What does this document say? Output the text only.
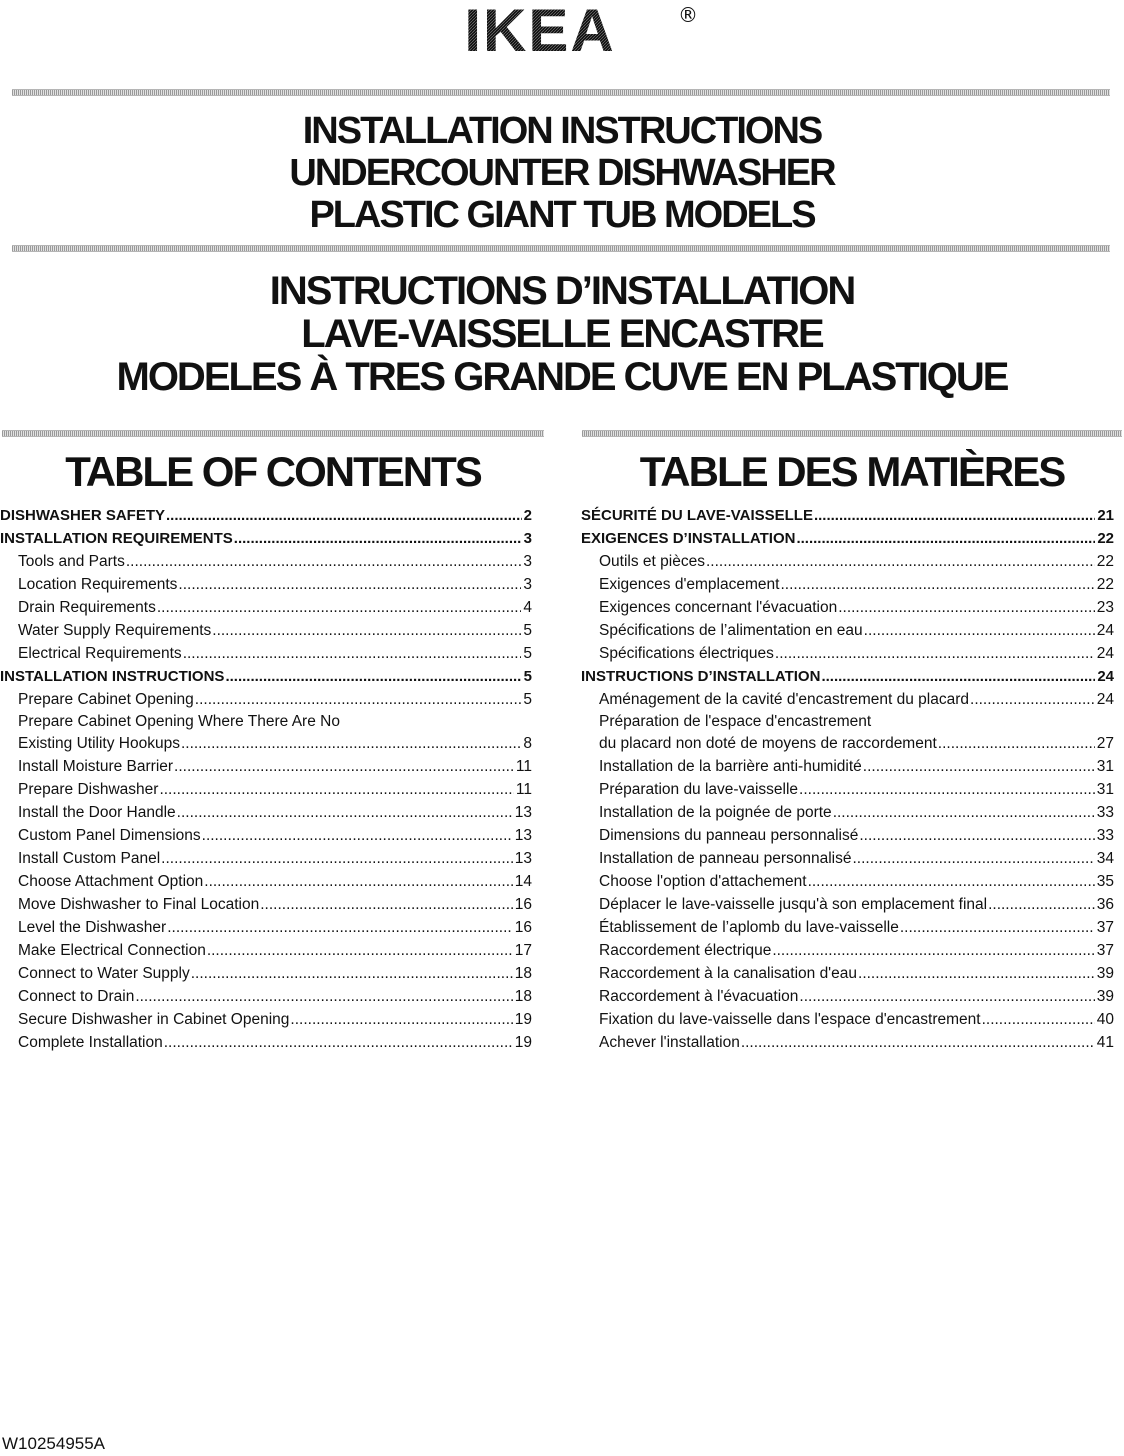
IKEA	®
INSTALLATION INSTRUCTIONS
UNDERCOUNTER DISHWASHER
PLASTIC GIANT TUB MODELS
INSTRUCTIONS D’INSTALLATION
LAVE-VAISSELLE ENCASTRE
MODELES À TRES GRANDE CUVE EN PLASTIQUE
TABLE OF CONTENTS	TABLE DES MATIÈRES
DISHWASHER SAFETY .....	2
INSTALLATION REQUIREMENTS .....	3
Tools and Parts .....	3
Location Requirements .....	3
Drain Requirements .....	4
Water Supply Requirements .....	5
Electrical Requirements .....	5
INSTALLATION INSTRUCTIONS .....	5
Prepare Cabinet Opening .....	5
Prepare Cabinet Opening Where There Are No
Existing Utility Hookups .....	8
Install Moisture Barrier .....	11
Prepare Dishwasher .....	11
Install the Door Handle .....	13
Custom Panel Dimensions .....	13
Install Custom Panel .....	13
Choose Attachment Option .....	14
Move Dishwasher to Final Location .....	16
Level the Dishwasher .....	16
Make Electrical Connection .....	17
Connect to Water Supply .....	18
Connect to Drain .....	18
Secure Dishwasher in Cabinet Opening .....	19
Complete Installation .....	19
SÉCURITÉ DU LAVE-VAISSELLE .....	21
EXIGENCES D’INSTALLATION .....	22
Outils et pièces .....	22
Exigences d'emplacement .....	22
Exigences concernant l'évacuation .....	23
Spécifications de l’alimentation en eau .....	24
Spécifications électriques .....	24
INSTRUCTIONS D’INSTALLATION .....	24
Aménagement de la cavité d'encastrement du placard .....	24
Préparation de l'espace d'encastrement
du placard non doté de moyens de raccordement .....	27
Installation de la barrière anti-humidité .....	31
Préparation du lave-vaisselle .....	31
Installation de la poignée de porte .....	33
Dimensions du panneau personnalisé .....	33
Installation de panneau personnalisé .....	34
Choose l'option d'attachement .....	35
Déplacer le lave-vaisselle jusqu'à son emplacement final .....	36
Établissement de l’aplomb du lave-vaisselle .....	37
Raccordement électrique .....	37
Raccordement à la canalisation d'eau .....	39
Raccordement à l'évacuation .....	39
Fixation du lave-vaisselle dans l'espace d'encastrement .....	40
Achever l'installation .....	41
W10254955A
